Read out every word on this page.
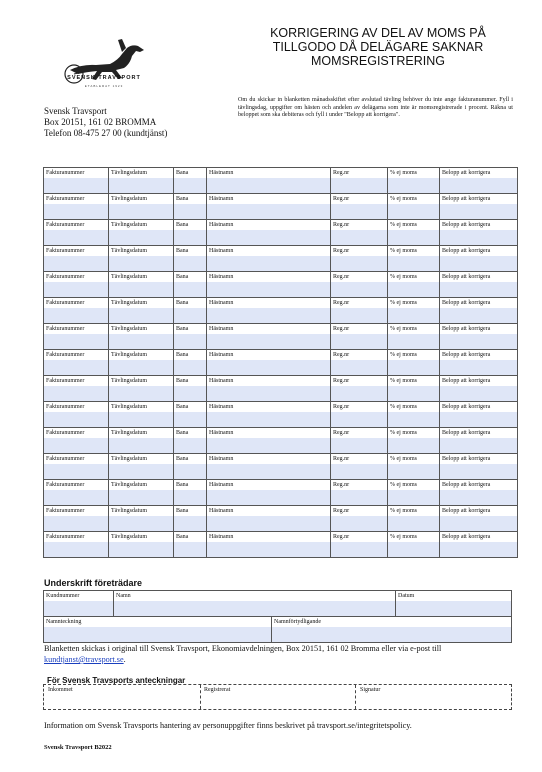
SVENSK TRAVSPORT
ETABLERAT 1923
KORRIGERING AV DEL AV MOMS PÅ
TILLGODO DÅ DELÄGARE SAKNAR
MOMSREGISTRERING
Svensk Travsport
Box 20151, 161 02 BROMMA
Telefon 08-475 27 00 (kundtjänst)
Om du skickar in blanketten månadsskiftet efter avslutad tävling behöver du inte ange fakturanummer. Fyll i tävlingsdag, uppgifter om hästen och andelen av delägarna som inte är momsregistrerade i procent. Räkna ut beloppet som ska debiteras och fyll i under "Belopp att korrigera".
Fakturanummer	Tävlingsdatum	Bana	Hästnamn	Reg.nr	% ej moms	Belopp att korrigera

Fakturanummer	Tävlingsdatum	Bana	Hästnamn	Reg.nr	% ej moms	Belopp att korrigera

Fakturanummer	Tävlingsdatum	Bana	Hästnamn	Reg.nr	% ej moms	Belopp att korrigera

Fakturanummer	Tävlingsdatum	Bana	Hästnamn	Reg.nr	% ej moms	Belopp att korrigera

Fakturanummer	Tävlingsdatum	Bana	Hästnamn	Reg.nr	% ej moms	Belopp att korrigera

Fakturanummer	Tävlingsdatum	Bana	Hästnamn	Reg.nr	% ej moms	Belopp att korrigera

Fakturanummer	Tävlingsdatum	Bana	Hästnamn	Reg.nr	% ej moms	Belopp att korrigera

Fakturanummer	Tävlingsdatum	Bana	Hästnamn	Reg.nr	% ej moms	Belopp att korrigera

Fakturanummer	Tävlingsdatum	Bana	Hästnamn	Reg.nr	% ej moms	Belopp att korrigera

Fakturanummer	Tävlingsdatum	Bana	Hästnamn	Reg.nr	% ej moms	Belopp att korrigera

Fakturanummer	Tävlingsdatum	Bana	Hästnamn	Reg.nr	% ej moms	Belopp att korrigera

Fakturanummer	Tävlingsdatum	Bana	Hästnamn	Reg.nr	% ej moms	Belopp att korrigera

Fakturanummer	Tävlingsdatum	Bana	Hästnamn	Reg.nr	% ej moms	Belopp att korrigera

Fakturanummer	Tävlingsdatum	Bana	Hästnamn	Reg.nr	% ej moms	Belopp att korrigera

Fakturanummer	Tävlingsdatum	Bana	Hästnamn	Reg.nr	% ej moms	Belopp att korrigera
Underskrift företrädare
Kundnummer	Namn	Datum
Namnteckning	Namnförtydligande
Blanketten skickas i original till Svensk Travsport, Ekonomiavdelningen, Box 20151, 161 02 Bromma eller via e-post till kundtjanst@travsport.se.
För Svensk Travsports anteckningar
Inkommet	Registrerat	Signatur
Information om Svensk Travsports hantering av personuppgifter finns beskrivet på travsport.se/integritetspolicy.
Svensk Travsport B2022
